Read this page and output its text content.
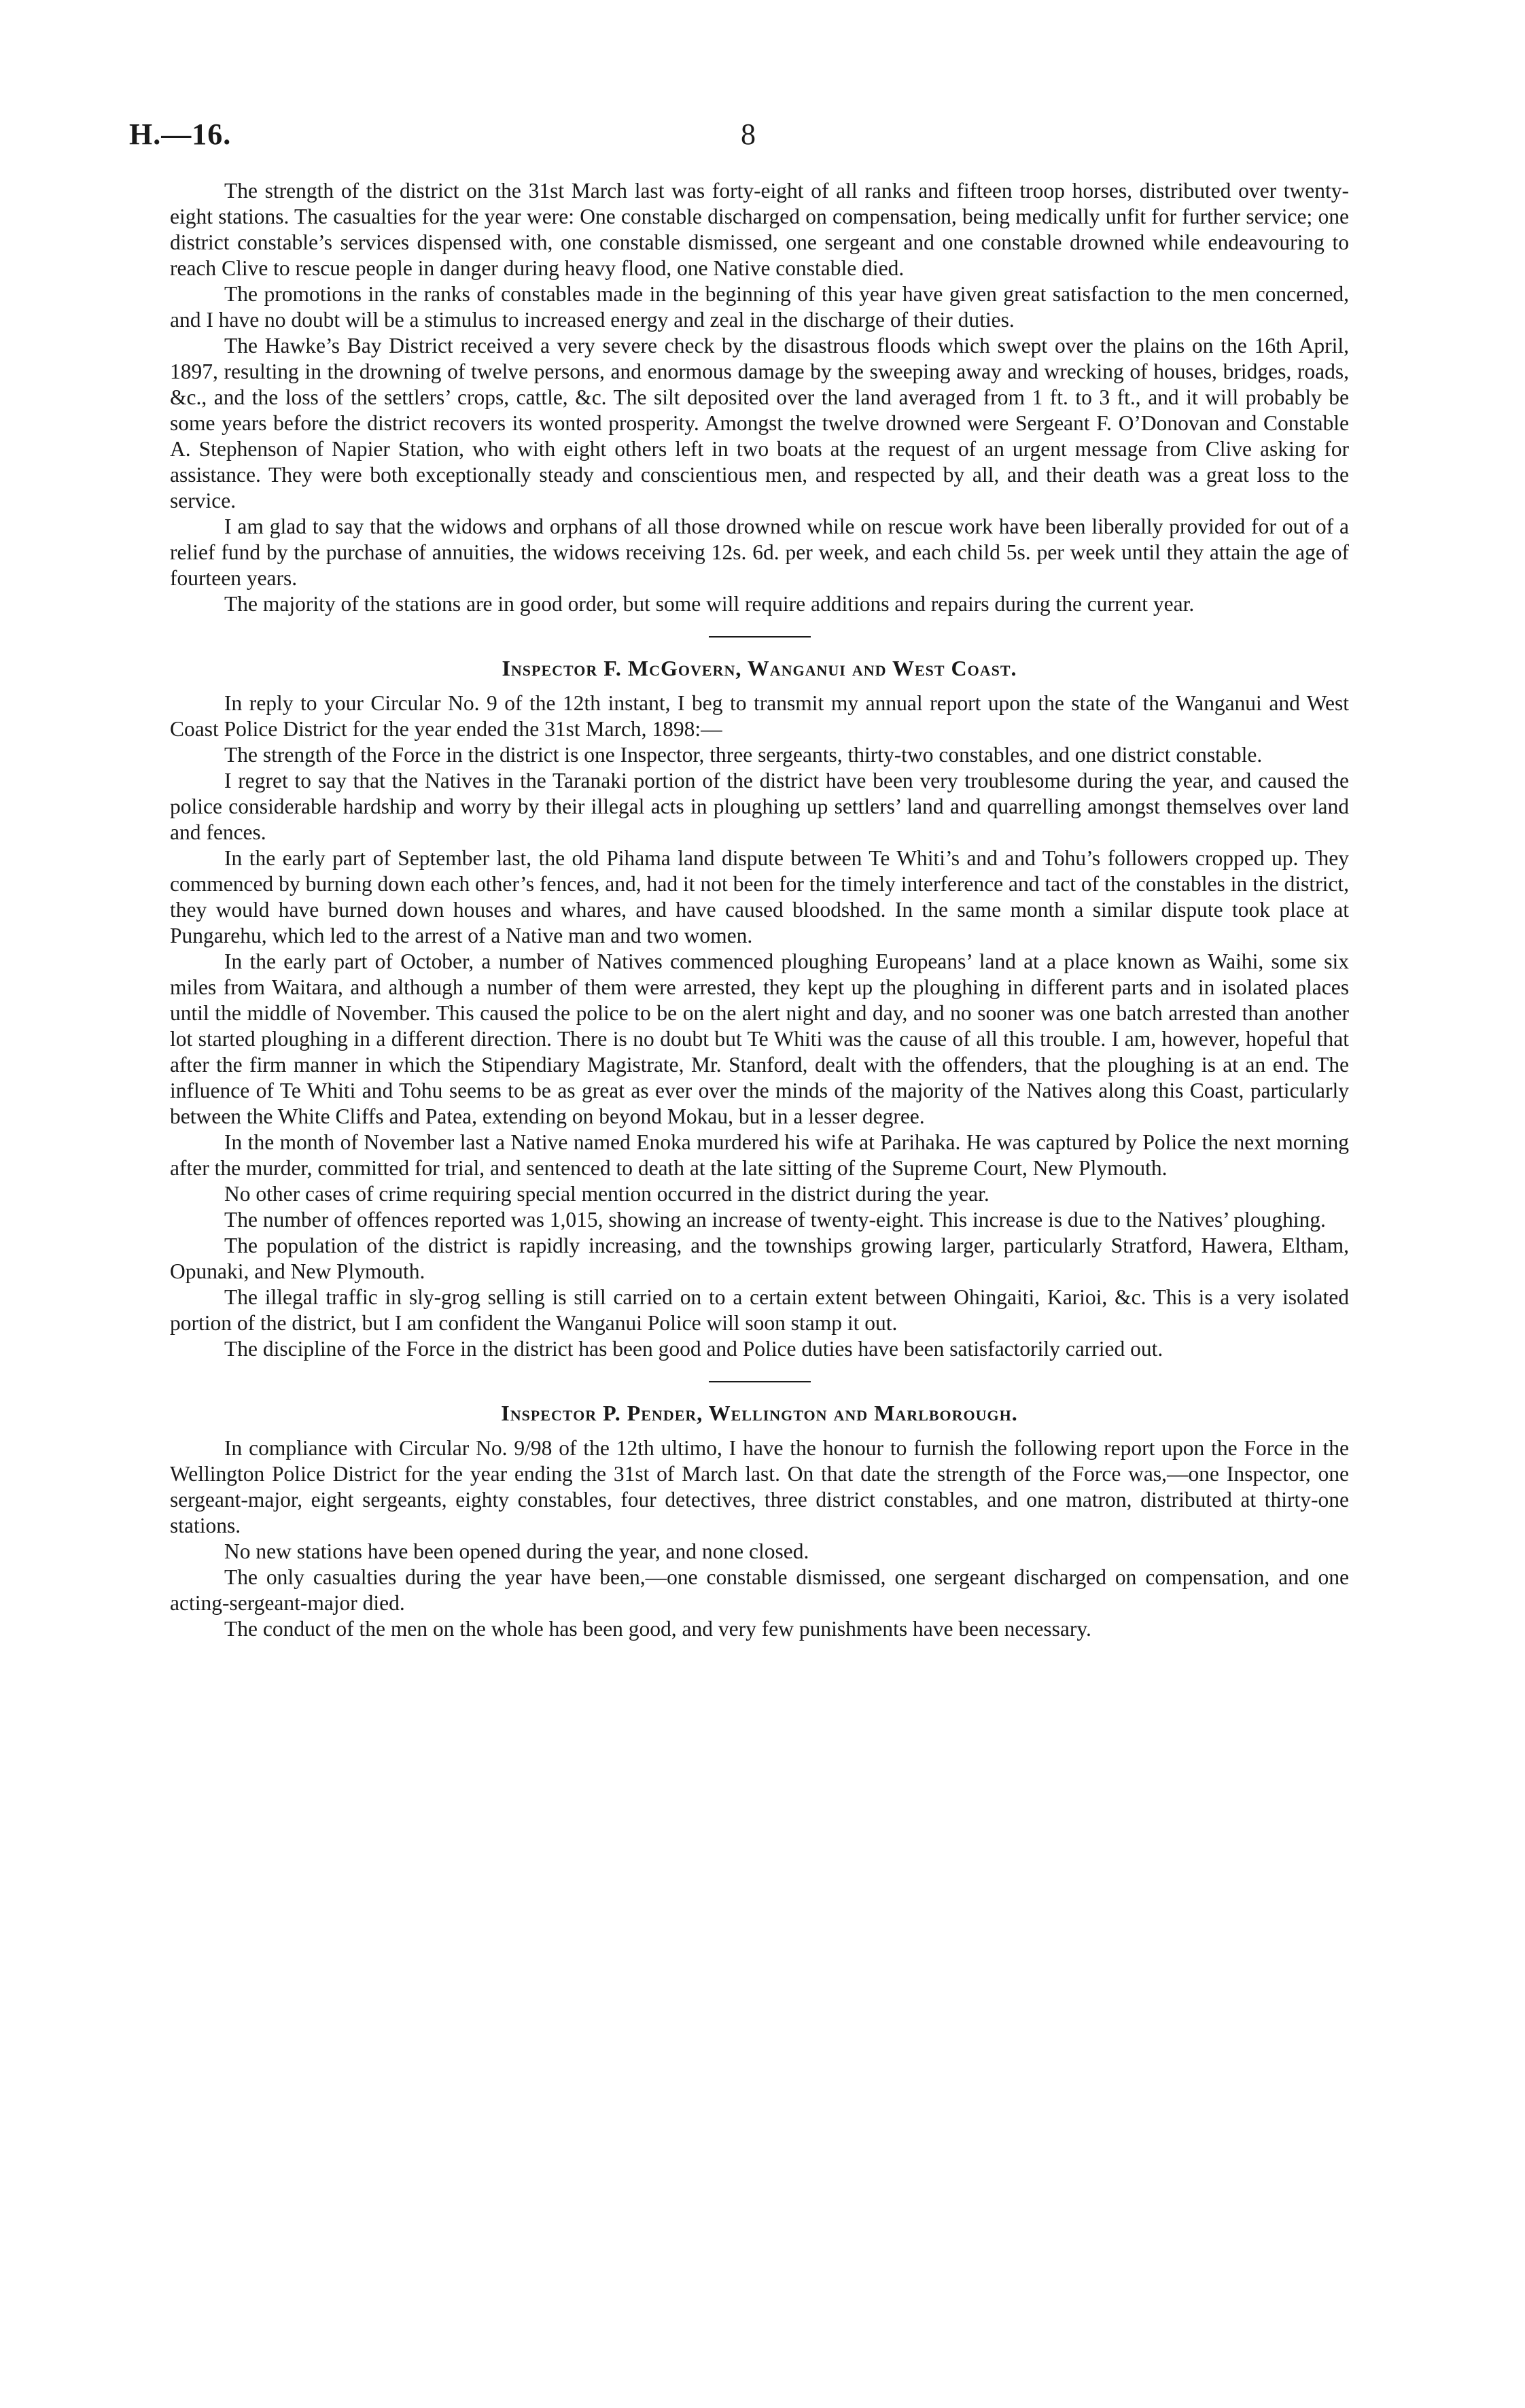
H.—16.	8

The strength of the district on the 31st March last was forty-eight of all ranks and fifteen troop horses, distributed over twenty-eight stations. The casualties for the year were: One constable discharged on compensation, being medically unfit for further service; one district constable’s services dispensed with, one constable dismissed, one sergeant and one constable drowned while endeavouring to reach Clive to rescue people in danger during heavy flood, one Native constable died.

The promotions in the ranks of constables made in the beginning of this year have given great satisfaction to the men concerned, and I have no doubt will be a stimulus to increased energy and zeal in the discharge of their duties.

The Hawke’s Bay District received a very severe check by the disastrous floods which swept over the plains on the 16th April, 1897, resulting in the drowning of twelve persons, and enormous damage by the sweeping away and wrecking of houses, bridges, roads, &c., and the loss of the settlers’ crops, cattle, &c. The silt deposited over the land averaged from 1 ft. to 3 ft., and it will probably be some years before the district recovers its wonted prosperity. Amongst the twelve drowned were Sergeant F. O’Donovan and Constable A. Stephenson of Napier Station, who with eight others left in two boats at the request of an urgent message from Clive asking for assistance. They were both exceptionally steady and conscientious men, and respected by all, and their death was a great loss to the service.

I am glad to say that the widows and orphans of all those drowned while on rescue work have been liberally provided for out of a relief fund by the purchase of annuities, the widows receiving 12s. 6d. per week, and each child 5s. per week until they attain the age of fourteen years.

The majority of the stations are in good order, but some will require additions and repairs during the current year.

Inspector F. McGovern, Wanganui and West Coast.

In reply to your Circular No. 9 of the 12th instant, I beg to transmit my annual report upon the state of the Wanganui and West Coast Police District for the year ended the 31st March, 1898:—

The strength of the Force in the district is one Inspector, three sergeants, thirty-two constables, and one district constable.

I regret to say that the Natives in the Taranaki portion of the district have been very troublesome during the year, and caused the police considerable hardship and worry by their illegal acts in ploughing up settlers’ land and quarrelling amongst themselves over land and fences.

In the early part of September last, the old Pihama land dispute between Te Whiti’s and and Tohu’s followers cropped up. They commenced by burning down each other’s fences, and, had it not been for the timely interference and tact of the constables in the district, they would have burned down houses and whares, and have caused bloodshed. In the same month a similar dispute took place at Pungarehu, which led to the arrest of a Native man and two women.

In the early part of October, a number of Natives commenced ploughing Europeans’ land at a place known as Waihi, some six miles from Waitara, and although a number of them were arrested, they kept up the ploughing in different parts and in isolated places until the middle of November. This caused the police to be on the alert night and day, and no sooner was one batch arrested than another lot started ploughing in a different direction. There is no doubt but Te Whiti was the cause of all this trouble. I am, however, hopeful that after the firm manner in which the Stipendiary Magistrate, Mr. Stanford, dealt with the offenders, that the ploughing is at an end. The influence of Te Whiti and Tohu seems to be as great as ever over the minds of the majority of the Natives along this Coast, particularly between the White Cliffs and Patea, extending on beyond Mokau, but in a lesser degree.

In the month of November last a Native named Enoka murdered his wife at Parihaka. He was captured by Police the next morning after the murder, committed for trial, and sentenced to death at the late sitting of the Supreme Court, New Plymouth.

No other cases of crime requiring special mention occurred in the district during the year.

The number of offences reported was 1,015, showing an increase of twenty-eight. This increase is due to the Natives’ ploughing.

The population of the district is rapidly increasing, and the townships growing larger, particularly Stratford, Hawera, Eltham, Opunaki, and New Plymouth.

The illegal traffic in sly-grog selling is still carried on to a certain extent between Ohingaiti, Karioi, &c. This is a very isolated portion of the district, but I am confident the Wanganui Police will soon stamp it out.

The discipline of the Force in the district has been good and Police duties have been satisfactorily carried out.

Inspector P. Pender, Wellington and Marlborough.

In compliance with Circular No. 9/98 of the 12th ultimo, I have the honour to furnish the following report upon the Force in the Wellington Police District for the year ending the 31st of March last. On that date the strength of the Force was,—one Inspector, one sergeant-major, eight sergeants, eighty constables, four detectives, three district constables, and one matron, distributed at thirty-one stations.

No new stations have been opened during the year, and none closed.

The only casualties during the year have been,—one constable dismissed, one sergeant discharged on compensation, and one acting-sergeant-major died.

The conduct of the men on the whole has been good, and very few punishments have been necessary.
